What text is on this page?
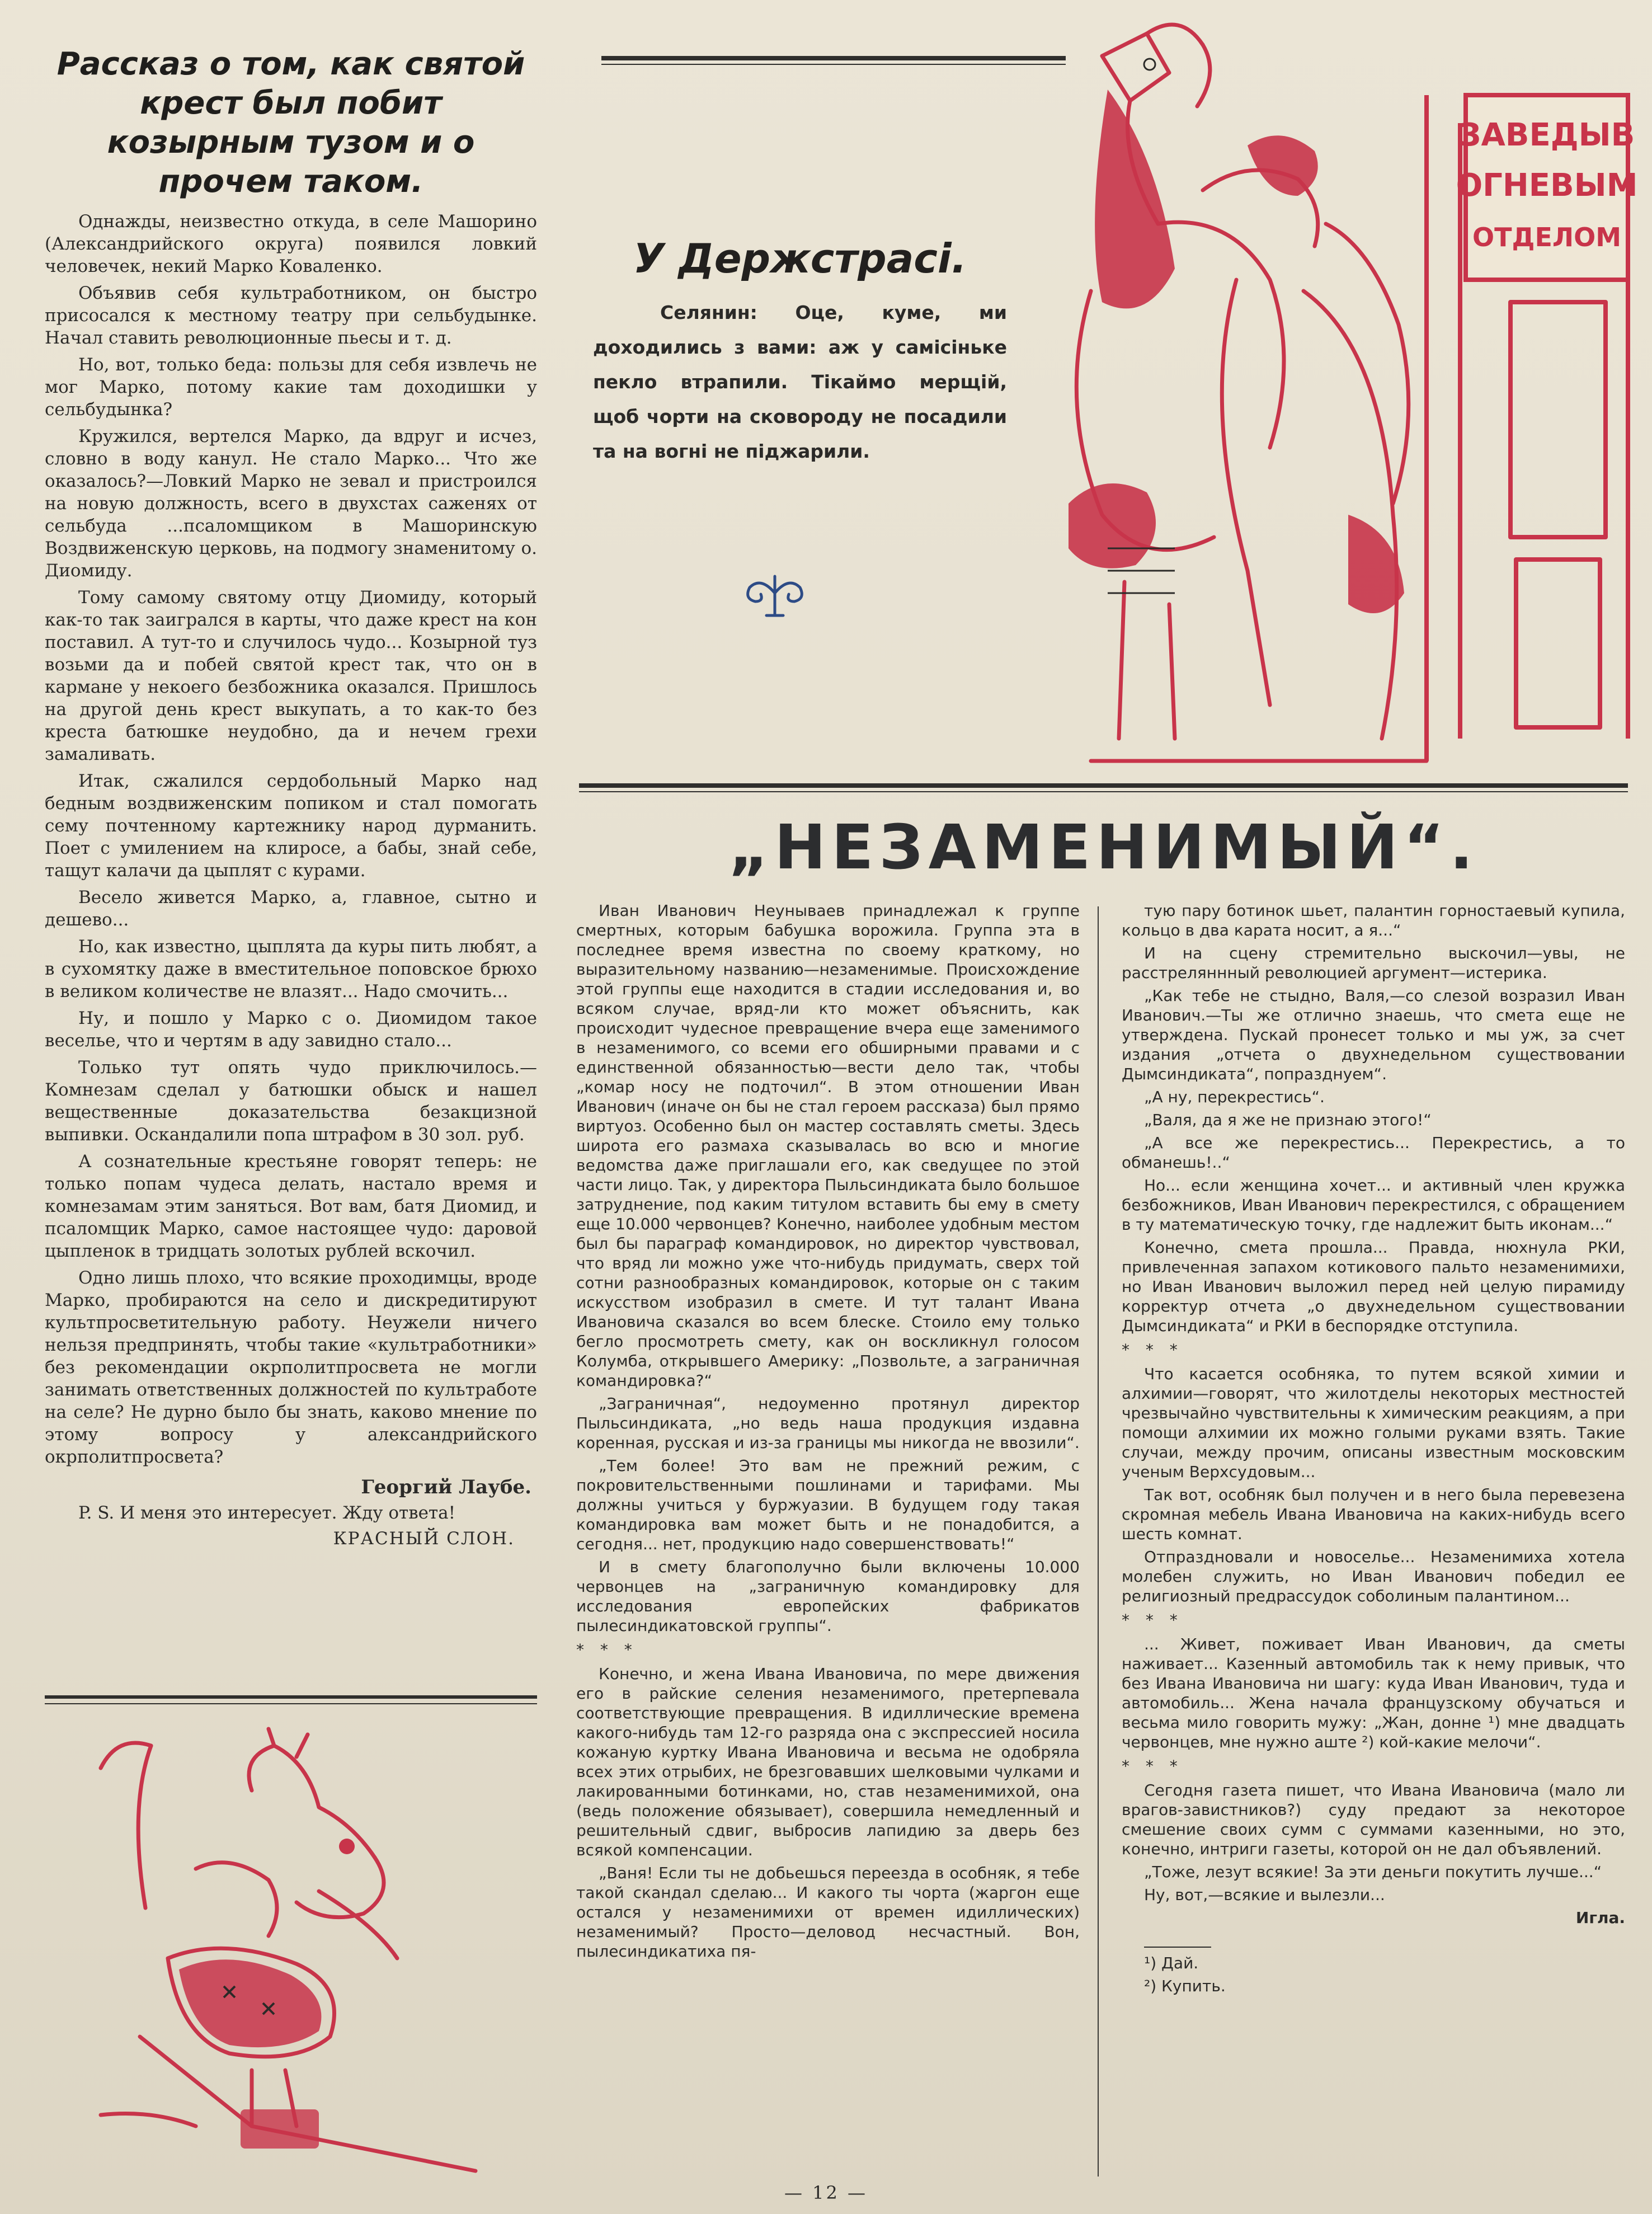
Рассказ о том, как святой крест был побит козырным тузом и о прочем таком.

Однажды, неизвестно откуда, в селе Машорино (Александрийского округа) появился ловкий человечек, некий Марко Коваленко.

Объявив себя культработником, он быстро присосался к местному театру при сельбудынке. Начал ставить революционные пьесы и т. д.

Но, вот, только беда: пользы для себя извлечь не мог Марко, потому какие там доходишки у сельбудынка?

Кружился, вертелся Марко, да вдруг и исчез, словно в воду канул. Не стало Марко... Что же оказалось?—Ловкий Марко не зевал и пристроился на новую должность, всего в двухстах саженях от сельбуда ...псаломщиком в Машоринскую Воздвиженскую церковь, на подмогу знаменитому о. Диомиду.

Тому самому святому отцу Диомиду, который как-то так заигрался в карты, что даже крест на кон поставил. А тут-то и случилось чудо... Козырной туз возьми да и побей святой крест так, что он в кармане у некоего безбожника оказался. Пришлось на другой день крест выкупать, а то как-то без креста батюшке неудобно, да и нечем грехи замаливать.

Итак, сжалился сердобольный Марко над бедным воздвиженским попиком и стал помогать сему почтенному картежнику народ дурманить. Поет с умилением на клиросе, а бабы, знай себе, тащут калачи да цыплят с курами.

Весело живется Марко, а, главное, сытно и дешево...

Но, как известно, цыплята да куры пить любят, а в сухомятку даже в вместительное поповское брюхо в великом количестве не влазят... Надо смочить...

Ну, и пошло у Марко с о. Диомидом такое веселье, что и чертям в аду завидно стало...

Только тут опять чудо приключилось.—Комнезам сделал у батюшки обыск и нашел вещественные доказательства безакцизной выпивки. Оскандалили попа штрафом в 30 зол. руб.

А сознательные крестьяне говорят теперь: не только попам чудеса делать, настало время и комнезамам этим заняться. Вот вам, батя Диомид, и псаломщик Марко, самое настоящее чудо: даровой цыпленок в тридцать золотых рублей вскочил.

Одно лишь плохо, что всякие проходимцы, вроде Марко, пробираются на село и дискредитируют культпросветительную работу. Неужели ничего нельзя предпринять, чтобы такие «культработники» без рекомендации окрполитпросвета не могли занимать ответственных должностей по культработе на селе? Не дурно было бы знать, каково мнение по этому вопросу у александрийского окрполитпросвета?

Георгий Лаубе.

P. S. И меня это интересует. Жду ответа!

КРАСНЫЙ СЛОН.
У Держстрасі.

Селянин: Оце, куме, ми доходились з вами: аж у самісіньке пекло втрапили. Тікаймо мерщій, щоб чорти на сковороду не посадили та на вогні не піджарили.

ЗАВЕДЫВ
ОГНЕВЫМ
ОТДЕЛОМ
„НЕЗАМЕНИМЫЙ“.

Иван Иванович Неунываев принадлежал к группе смертных, которым бабушка ворожила. Группа эта в последнее время известна по своему краткому, но выразительному названию—незаменимые. Происхождение этой группы еще находится в стадии исследования и, во всяком случае, вряд-ли кто может объяснить, как происходит чудесное превращение вчера еще заменимого в незаменимого, со всеми его обширными правами и с единственной обязанностью—вести дело так, чтобы „комар носу не подточил“. В этом отношении Иван Иванович (иначе он бы не стал героем рассказа) был прямо виртуоз. Особенно был он мастер составлять сметы. Здесь широта его размаха сказывалась во всю и многие ведомства даже приглашали его, как сведущее по этой части лицо. Так, у директора Пыльсиндиката было большое затруднение, под каким титулом вставить бы ему в смету еще 10.000 червонцев? Конечно, наиболее удобным местом был бы параграф командировок, но директор чувствовал, что вряд ли можно уже что-нибудь придумать, сверх той сотни разнообразных командировок, которые он с таким искусством изобразил в смете. И тут талант Ивана Ивановича сказался во всем блеске. Стоило ему только бегло просмотреть смету, как он воскликнул голосом Колумба, открывшего Америку: „Позвольте, а заграничная командировка?“

„Заграничная“, недоуменно протянул директор Пыльсиндиката, „но ведь наша продукция издавна коренная, русская и из-за границы мы никогда не ввозили“.

„Тем более! Это вам не прежний режим, с покровительственными пошлинами и тарифами. Мы должны учиться у буржуазии. В будущем году такая командировка вам может быть и не понадобится, а сегодня... нет, продукцию надо совершенствовать!“

И в смету благополучно были включены 10.000 червонцев на „заграничную командировку для исследования европейских фабрикатов пылесиндикатовской группы“.

* * *

Конечно, и жена Ивана Ивановича, по мере движения его в райские селения незаменимого, претерпевала соответствующие превращения. В идиллические времена какого-нибудь там 12-го разряда она с экспрессией носила кожаную куртку Ивана Ивановича и весьма не одобряла всех этих отрыбих, не брезговавших шелковыми чулками и лакированными ботинками, но, став незаменимихой, она (ведь положение обязывает), совершила немедленный и решительный сдвиг, выбросив лапидию за дверь без всякой компенсации.

„Ваня! Если ты не добьешься переезда в особняк, я тебе такой скандал сделаю... И какого ты чорта (жаргон еще остался у незаменимихи от времен идиллических) незаменимый? Просто—деловод несчастный. Вон, пылесиндикатиха пя-

тую пару ботинок шьет, палантин горностаевый купила, кольцо в два карата носит, а я...“

И на сцену стремительно выскочил—увы, не расстреляннный революцией аргумент—истерика.

„Как тебе не стыдно, Валя,—со слезой возразил Иван Иванович.—Ты же отлично знаешь, что смета еще не утверждена. Пускай пронесет только и мы уж, за счет издания „отчета о двухнедельном существовании Дымсиндиката“, попразднуем“.

„А ну, перекрестись“.

„Валя, да я же не признаю этого!“

„А все же перекрестись... Перекрестись, а то обманешь!..“

Но... если женщина хочет... и активный член кружка безбожников, Иван Иванович перекрестился, с обращением в ту математическую точку, где надлежит быть иконам...“

Конечно, смета прошла... Правда, нюхнула РКИ, привлеченная запахом котикового пальто незаменимихи, но Иван Иванович выложил перед ней целую пирамиду корректур отчета „о двухнедельном существовании Дымсиндиката“ и РКИ в беспорядке отступила.

* * *

Что касается особняка, то путем всякой химии и алхимии—говорят, что жилотделы некоторых местностей чрезвычайно чувствительны к химическим реакциям, а при помощи алхимии их можно голыми руками взять. Такие случаи, между прочим, описаны известным московским ученым Верхсудовым...

Так вот, особняк был получен и в него была перевезена скромная мебель Ивана Ивановича на каких-нибудь всего шесть комнат.

Отпраздновали и новоселье... Незаменимиха хотела молебен служить, но Иван Иванович победил ее религиозный предрассудок соболиным палантином...

* * *

... Живет, поживает Иван Иванович, да сметы наживает... Казенный автомобиль так к нему привык, что без Ивана Ивановича ни шагу: куда Иван Иванович, туда и автомобиль... Жена начала французскому обучаться и весьма мило говорить мужу: „Жан, донне ¹) мне двадцать червонцев, мне нужно аште ²) кой-какие мелочи“.

* * *

Сегодня газета пишет, что Ивана Ивановича (мало ли врагов-завистников?) суду предают за некоторое смешение своих сумм с суммами казенными, но это, конечно, интриги газеты, которой он не дал объявлений.

„Тоже, лезут всякие! За эти деньги покутить лучше...“

Ну, вот,—всякие и вылезли...

Игла.

¹) Дай.

²) Купить.

— 12 —
